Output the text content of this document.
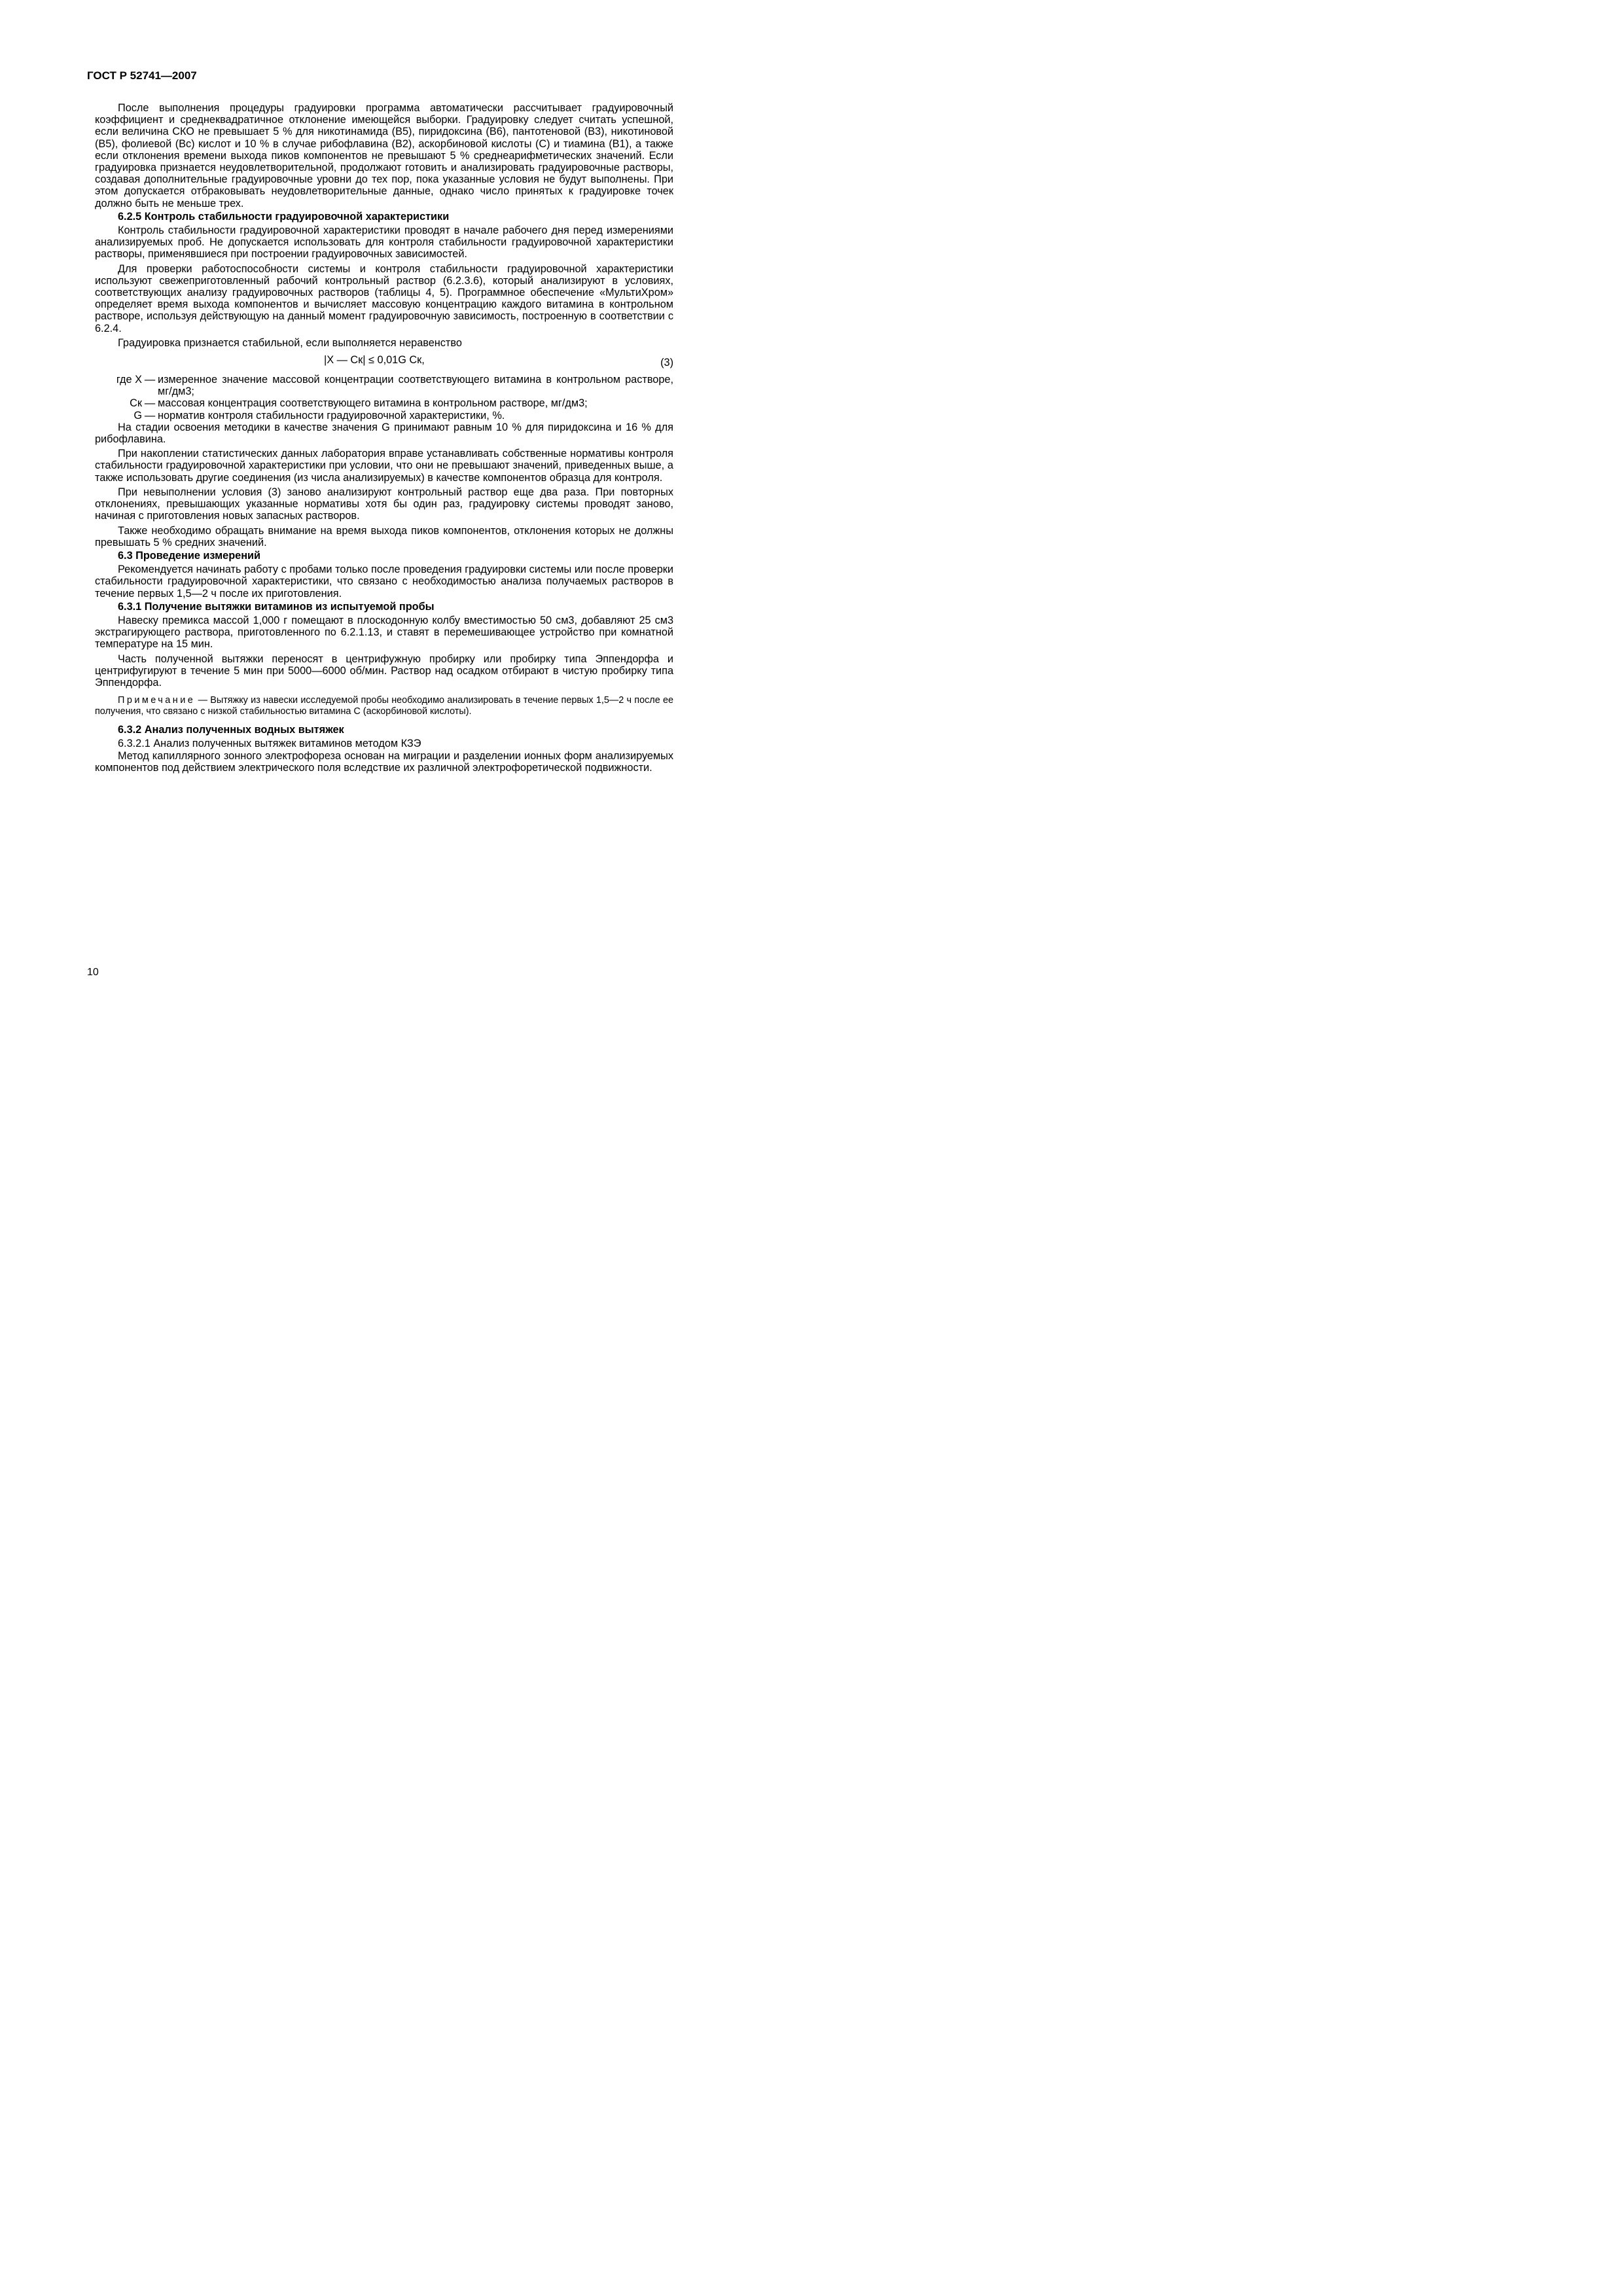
ГОСТ Р 52741—2007

После выполнения процедуры градуировки программа автоматически рассчитывает градуировочный коэффициент и среднеквадратичное отклонение имеющейся выборки. Градуировку следует считать успешной, если величина СКО не превышает 5 % для никотинамида (В5), пиридоксина (В6), пантотеновой (В3), никотиновой (В5), фолиевой (Вс) кислот и 10 % в случае рибофлавина (В2), аскорбиновой кислоты (С) и тиамина (В1), а также если отклонения времени выхода пиков компонентов не превышают 5 % среднеарифметических значений. Если градуировка признается неудовлетворительной, продолжают готовить и анализировать градуировочные растворы, создавая дополнительные градуировочные уровни до тех пор, пока указанные условия не будут выполнены. При этом допускается отбраковывать неудовлетворительные данные, однако число принятых к градуировке точек должно быть не меньше трех.

6.2.5 Контроль стабильности градуировочной характеристики

Контроль стабильности градуировочной характеристики проводят в начале рабочего дня перед измерениями анализируемых проб. Не допускается использовать для контроля стабильности градуировочной характеристики растворы, применявшиеся при построении градуировочных зависимостей.

Для проверки работоспособности системы и контроля стабильности градуировочной характеристики используют свежеприготовленный рабочий контрольный раствор (6.2.3.6), который анализируют в условиях, соответствующих анализу градуировочных растворов (таблицы 4, 5). Программное обеспечение «МультиХром» определяет время выхода компонентов и вычисляет массовую концентрацию каждого витамина в контрольном растворе, используя действующую на данный момент градуировочную зависимость, построенную в соответствии с 6.2.4.

Градуировка признается стабильной, если выполняется неравенство

|X — Cк| ≤ 0,01G Cк,	(3)
где X — измеренное значение массовой концентрации соответствующего витамина в контрольном растворе, мг/дм3;
Cк — массовая концентрация соответствующего витамина в контрольном растворе, мг/дм3;
G — норматив контроля стабильности градуировочной характеристики, %.

На стадии освоения методики в качестве значения G принимают равным 10 % для пиридоксина и 16 % для рибофлавина.

При накоплении статистических данных лаборатория вправе устанавливать собственные нормативы контроля стабильности градуировочной характеристики при условии, что они не превышают значений, приведенных выше, а также использовать другие соединения (из числа анализируемых) в качестве компонентов образца для контроля.

При невыполнении условия (3) заново анализируют контрольный раствор еще два раза. При повторных отклонениях, превышающих указанные нормативы хотя бы один раз, градуировку системы проводят заново, начиная с приготовления новых запасных растворов.

Также необходимо обращать внимание на время выхода пиков компонентов, отклонения которых не должны превышать 5 % средних значений.

6.3 Проведение измерений

Рекомендуется начинать работу с пробами только после проведения градуировки системы или после проверки стабильности градуировочной характеристики, что связано с необходимостью анализа получаемых растворов в течение первых 1,5—2 ч после их приготовления.

6.3.1 Получение вытяжки витаминов из испытуемой пробы

Навеску премикса массой 1,000 г помещают в плоскодонную колбу вместимостью 50 см3, добавляют 25 см3 экстрагирующего раствора, приготовленного по 6.2.1.13, и ставят в перемешивающее устройство при комнатной температуре на 15 мин.

Часть полученной вытяжки переносят в центрифужную пробирку или пробирку типа Эппендорфа и центрифугируют в течение 5 мин при 5000—6000 об/мин. Раствор над осадком отбирают в чистую пробирку типа Эппендорфа.

Примечание — Вытяжку из навески исследуемой пробы необходимо анализировать в течение первых 1,5—2 ч после ее получения, что связано с низкой стабильностью витамина С (аскорбиновой кислоты).
6.3.2 Анализ полученных водных вытяжек
6.3.2.1 Анализ полученных вытяжек витаминов методом КЗЭ

Метод капиллярного зонного электрофореза основан на миграции и разделении ионных форм анализируемых компонентов под действием электрического поля вследствие их различной электрофоретической подвижности.

10
